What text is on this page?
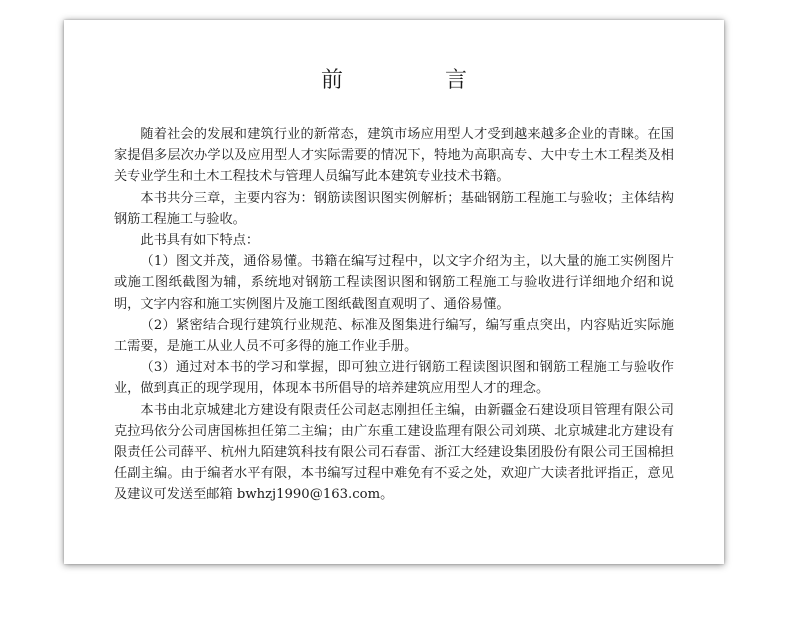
前　言

随着社会的发展和建筑行业的新常态，建筑市场应用型人才受到越来越多企业的青睐。在国家提倡多层次办学以及应用型人才实际需要的情况下，特地为高职高专、大中专土木工程类及相关专业学生和土木工程技术与管理人员编写此本建筑专业技术书籍。

本书共分三章，主要内容为：钢筋读图识图实例解析；基础钢筋工程施工与验收；主体结构钢筋工程施工与验收。

此书具有如下特点：

（1）图文并茂，通俗易懂。书籍在编写过程中，以文字介绍为主，以大量的施工实例图片或施工图纸截图为辅，系统地对钢筋工程读图识图和钢筋工程施工与验收进行详细地介绍和说明，文字内容和施工实例图片及施工图纸截图直观明了、通俗易懂。

（2）紧密结合现行建筑行业规范、标准及图集进行编写，编写重点突出，内容贴近实际施工需要，是施工从业人员不可多得的施工作业手册。

（3）通过对本书的学习和掌握，即可独立进行钢筋工程读图识图和钢筋工程施工与验收作业，做到真正的现学现用，体现本书所倡导的培养建筑应用型人才的理念。

本书由北京城建北方建设有限责任公司赵志刚担任主编，由新疆金石建设项目管理有限公司克拉玛依分公司唐国栋担任第二主编；由广东重工建设监理有限公司刘瑛、北京城建北方建设有限责任公司薛平、杭州九陌建筑科技有限公司石春雷、浙江大经建设集团股份有限公司王国棉担任副主编。由于编者水平有限，本书编写过程中难免有不妥之处，欢迎广大读者批评指正，意见及建议可发送至邮箱 bwhzj1990@163.com。
